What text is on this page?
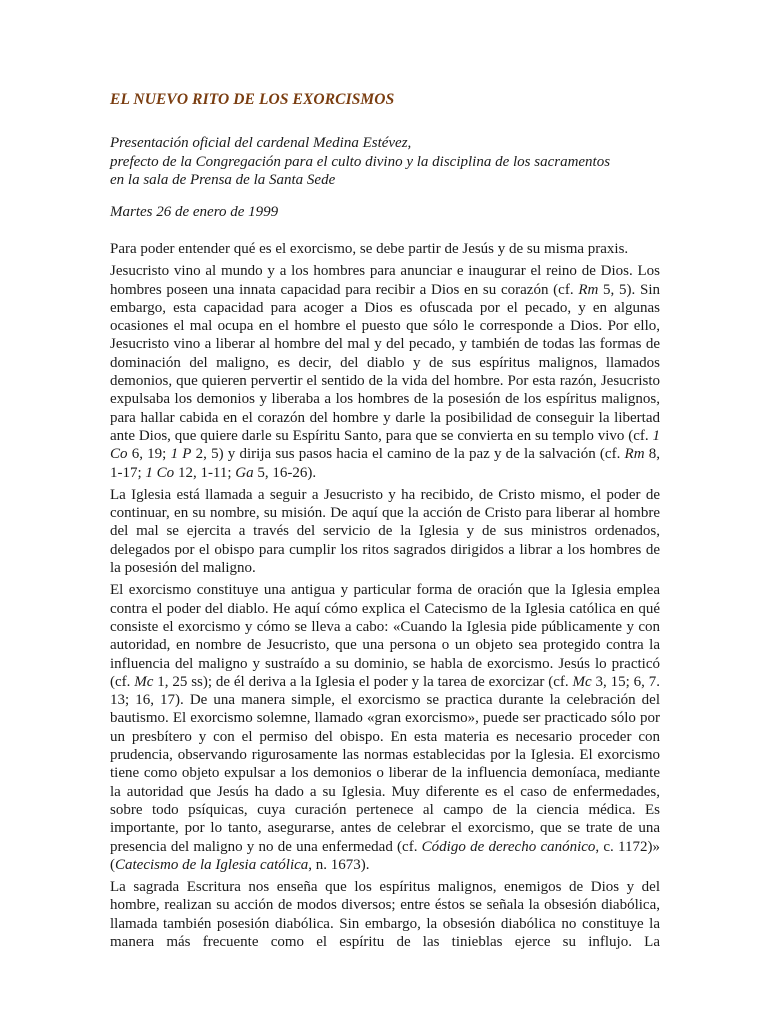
EL NUEVO RITO DE LOS EXORCISMOS
Presentación oficial del cardenal Medina Estévez,
prefecto de la Congregación para el culto divino y la disciplina de los sacramentos
en la sala de Prensa de la Santa Sede
Martes 26 de enero de 1999

Para poder entender qué es el exorcismo, se debe partir de Jesús y de su misma praxis.

Jesucristo vino al mundo y a los hombres para anunciar e inaugurar el reino de Dios. Los hombres poseen una innata capacidad para recibir a Dios en su corazón (cf. Rm 5, 5). Sin embargo, esta capacidad para acoger a Dios es ofuscada por el pecado, y en algunas ocasiones el mal ocupa en el hombre el puesto que sólo le corresponde a Dios. Por ello, Jesucristo vino a liberar al hombre del mal y del pecado, y también de todas las formas de dominación del maligno, es decir, del diablo y de sus espíritus malignos, llamados demonios, que quieren pervertir el sentido de la vida del hombre. Por esta razón, Jesucristo expulsaba los demonios y liberaba a los hombres de la posesión de los espíritus malignos, para hallar cabida en el corazón del hombre y darle la posibilidad de conseguir la libertad ante Dios, que quiere darle su Espíritu Santo, para que se convierta en su templo vivo (cf. 1 Co 6, 19; 1 P 2, 5) y dirija sus pasos hacia el camino de la paz y de la salvación (cf. Rm 8, 1-17; 1 Co 12, 1-11; Ga 5, 16-26).

La Iglesia está llamada a seguir a Jesucristo y ha recibido, de Cristo mismo, el poder de continuar, en su nombre, su misión. De aquí que la acción de Cristo para liberar al hombre del mal se ejercita a través del servicio de la Iglesia y de sus ministros ordenados, delegados por el obispo para cumplir los ritos sagrados dirigidos a librar a los hombres de la posesión del maligno.

El exorcismo constituye una antigua y particular forma de oración que la Iglesia emplea contra el poder del diablo. He aquí cómo explica el Catecismo de la Iglesia católica en qué consiste el exorcismo y cómo se lleva a cabo: «Cuando la Iglesia pide públicamente y con autoridad, en nombre de Jesucristo, que una persona o un objeto sea protegido contra la influencia del maligno y sustraído a su dominio, se habla de exorcismo. Jesús lo practicó (cf. Mc 1, 25 ss); de él deriva a la Iglesia el poder y la tarea de exorcizar (cf. Mc 3, 15; 6, 7. 13; 16, 17). De una manera simple, el exorcismo se practica durante la celebración del bautismo. El exorcismo solemne, llamado «gran exorcismo», puede ser practicado sólo por un presbítero y con el permiso del obispo. En esta materia es necesario proceder con prudencia, observando rigurosamente las normas establecidas por la Iglesia. El exorcismo tiene como objeto expulsar a los demonios o liberar de la influencia demoníaca, mediante la autoridad que Jesús ha dado a su Iglesia. Muy diferente es el caso de enfermedades, sobre todo psíquicas, cuya curación pertenece al campo de la ciencia médica. Es importante, por lo tanto, asegurarse, antes de celebrar el exorcismo, que se trate de una presencia del maligno y no de una enfermedad (cf. Código de derecho canónico, c. 1172)» (Catecismo de la Iglesia católica, n. 1673).

La sagrada Escritura nos enseña que los espíritus malignos, enemigos de Dios y del hombre, realizan su acción de modos diversos; entre éstos se señala la obsesión diabólica, llamada también posesión diabólica. Sin embargo, la obsesión diabólica no constituye la manera más frecuente como el espíritu de las tinieblas ejerce su influjo. La
